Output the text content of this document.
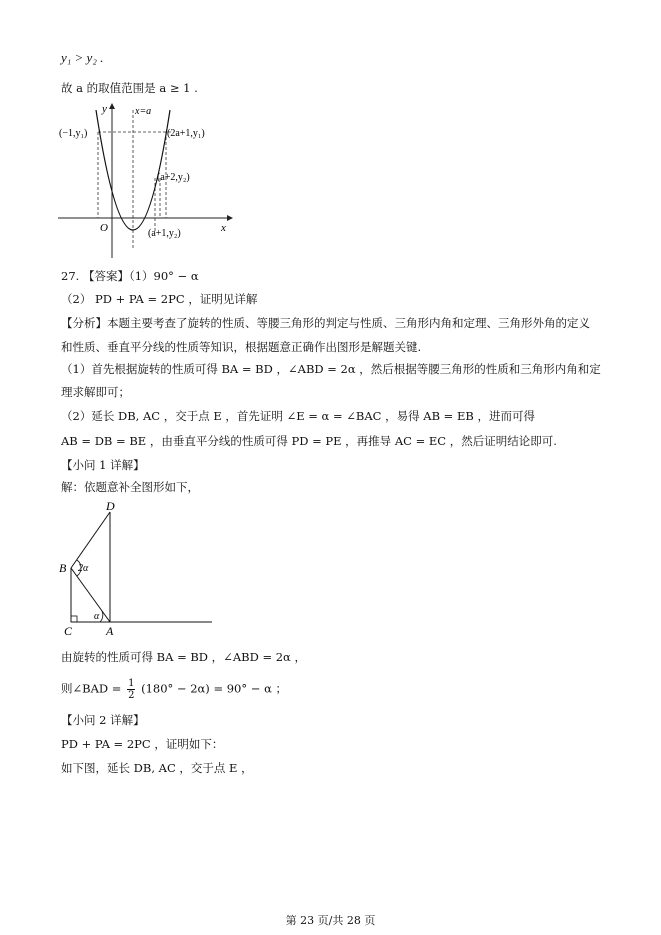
y₁ > y₂ .
故 a 的取值范围是 a ≥ 1 .
y
x
O
x=a
(−1,y₁)	(2a+1,y₁)
(a+2,y₂)
(a+1,y₂)
27. 【答案】（1）90° − α
（2） PD + PA = 2PC ，证明见详解
【分析】本题主要考查了旋转的性质、等腰三角形的判定与性质、三角形内角和定理、三角形外角的定义
和性质、垂直平分线的性质等知识，根据题意正确作出图形是解题关键.
（1）首先根据旋转的性质可得 BA = BD ，∠ABD = 2α ，然后根据等腰三角形的性质和三角形内角和定
理求解即可；
（2）延长 DB, AC ，交于点 E ，首先证明 ∠E = α = ∠BAC ，易得 AB = EB ，进而可得
AB = DB = BE ，由垂直平分线的性质可得 PD = PE ，再推导 AC = EC ，然后证明结论即可.
【小问 1 详解】
解：依题意补全图形如下，
D
B
C	A
2α
α
由旋转的性质可得 BA = BD ，∠ABD = 2α ，
则∠BAD = $\frac{1}{2} (180^\circ - 2\alpha) = 90^\circ - \alpha$ ；
【小问 2 详解】
PD + PA = 2PC ，证明如下：
如下图，延长 DB, AC ，交于点 E ，
第 23 页/共 28 页
